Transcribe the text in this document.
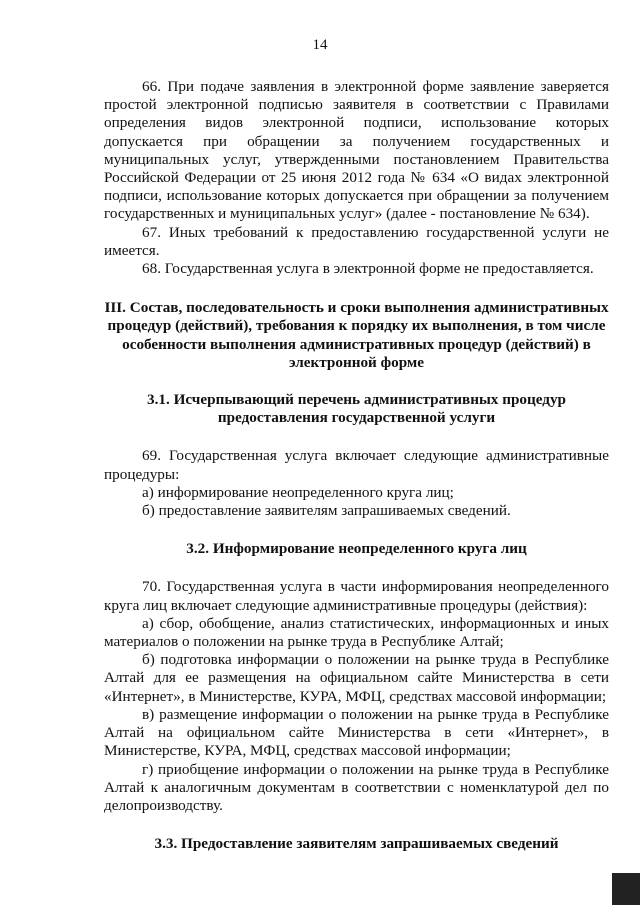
14

66. При подаче заявления в электронной форме заявление заверяется простой электронной подписью заявителя в соответствии с Правилами определения видов электронной подписи, использование которых допускается при обращении за получением государственных и муниципальных услуг, утвержденными постановлением Правительства Российской Федерации от 25 июня 2012 года № 634 «О видах электронной подписи, использование которых допускается при обращении за получением государственных и муниципальных услуг» (далее - постановление № 634).

67. Иных требований к предоставлению государственной услуги не имеется.

68. Государственная услуга в электронной форме не предоставляется.

III. Состав, последовательность и сроки выполнения административных процедур (действий), требования к порядку их выполнения, в том числе особенности выполнения административных процедур (действий) в электронной форме

3.1. Исчерпывающий перечень административных процедур предоставления государственной услуги

69. Государственная услуга включает следующие административные процедуры:

а) информирование неопределенного круга лиц;

б) предоставление заявителям запрашиваемых сведений.

3.2. Информирование неопределенного круга лиц

70. Государственная услуга в части информирования неопределенного круга лиц включает следующие административные процедуры (действия):

а) сбор, обобщение, анализ статистических, информационных и иных материалов о положении на рынке труда в Республике Алтай;

б) подготовка информации о положении на рынке труда в Республике Алтай для ее размещения на официальном сайте Министерства в сети «Интернет», в Министерстве, КУРА, МФЦ, средствах массовой информации;

в) размещение информации о положении на рынке труда в Республике Алтай на официальном сайте Министерства в сети «Интернет», в Министерстве, КУРА, МФЦ, средствах массовой информации;

г) приобщение информации о положении на рынке труда в Республике Алтай к аналогичным документам в соответствии с номенклатурой дел по делопроизводству.

3.3. Предоставление заявителям запрашиваемых сведений
